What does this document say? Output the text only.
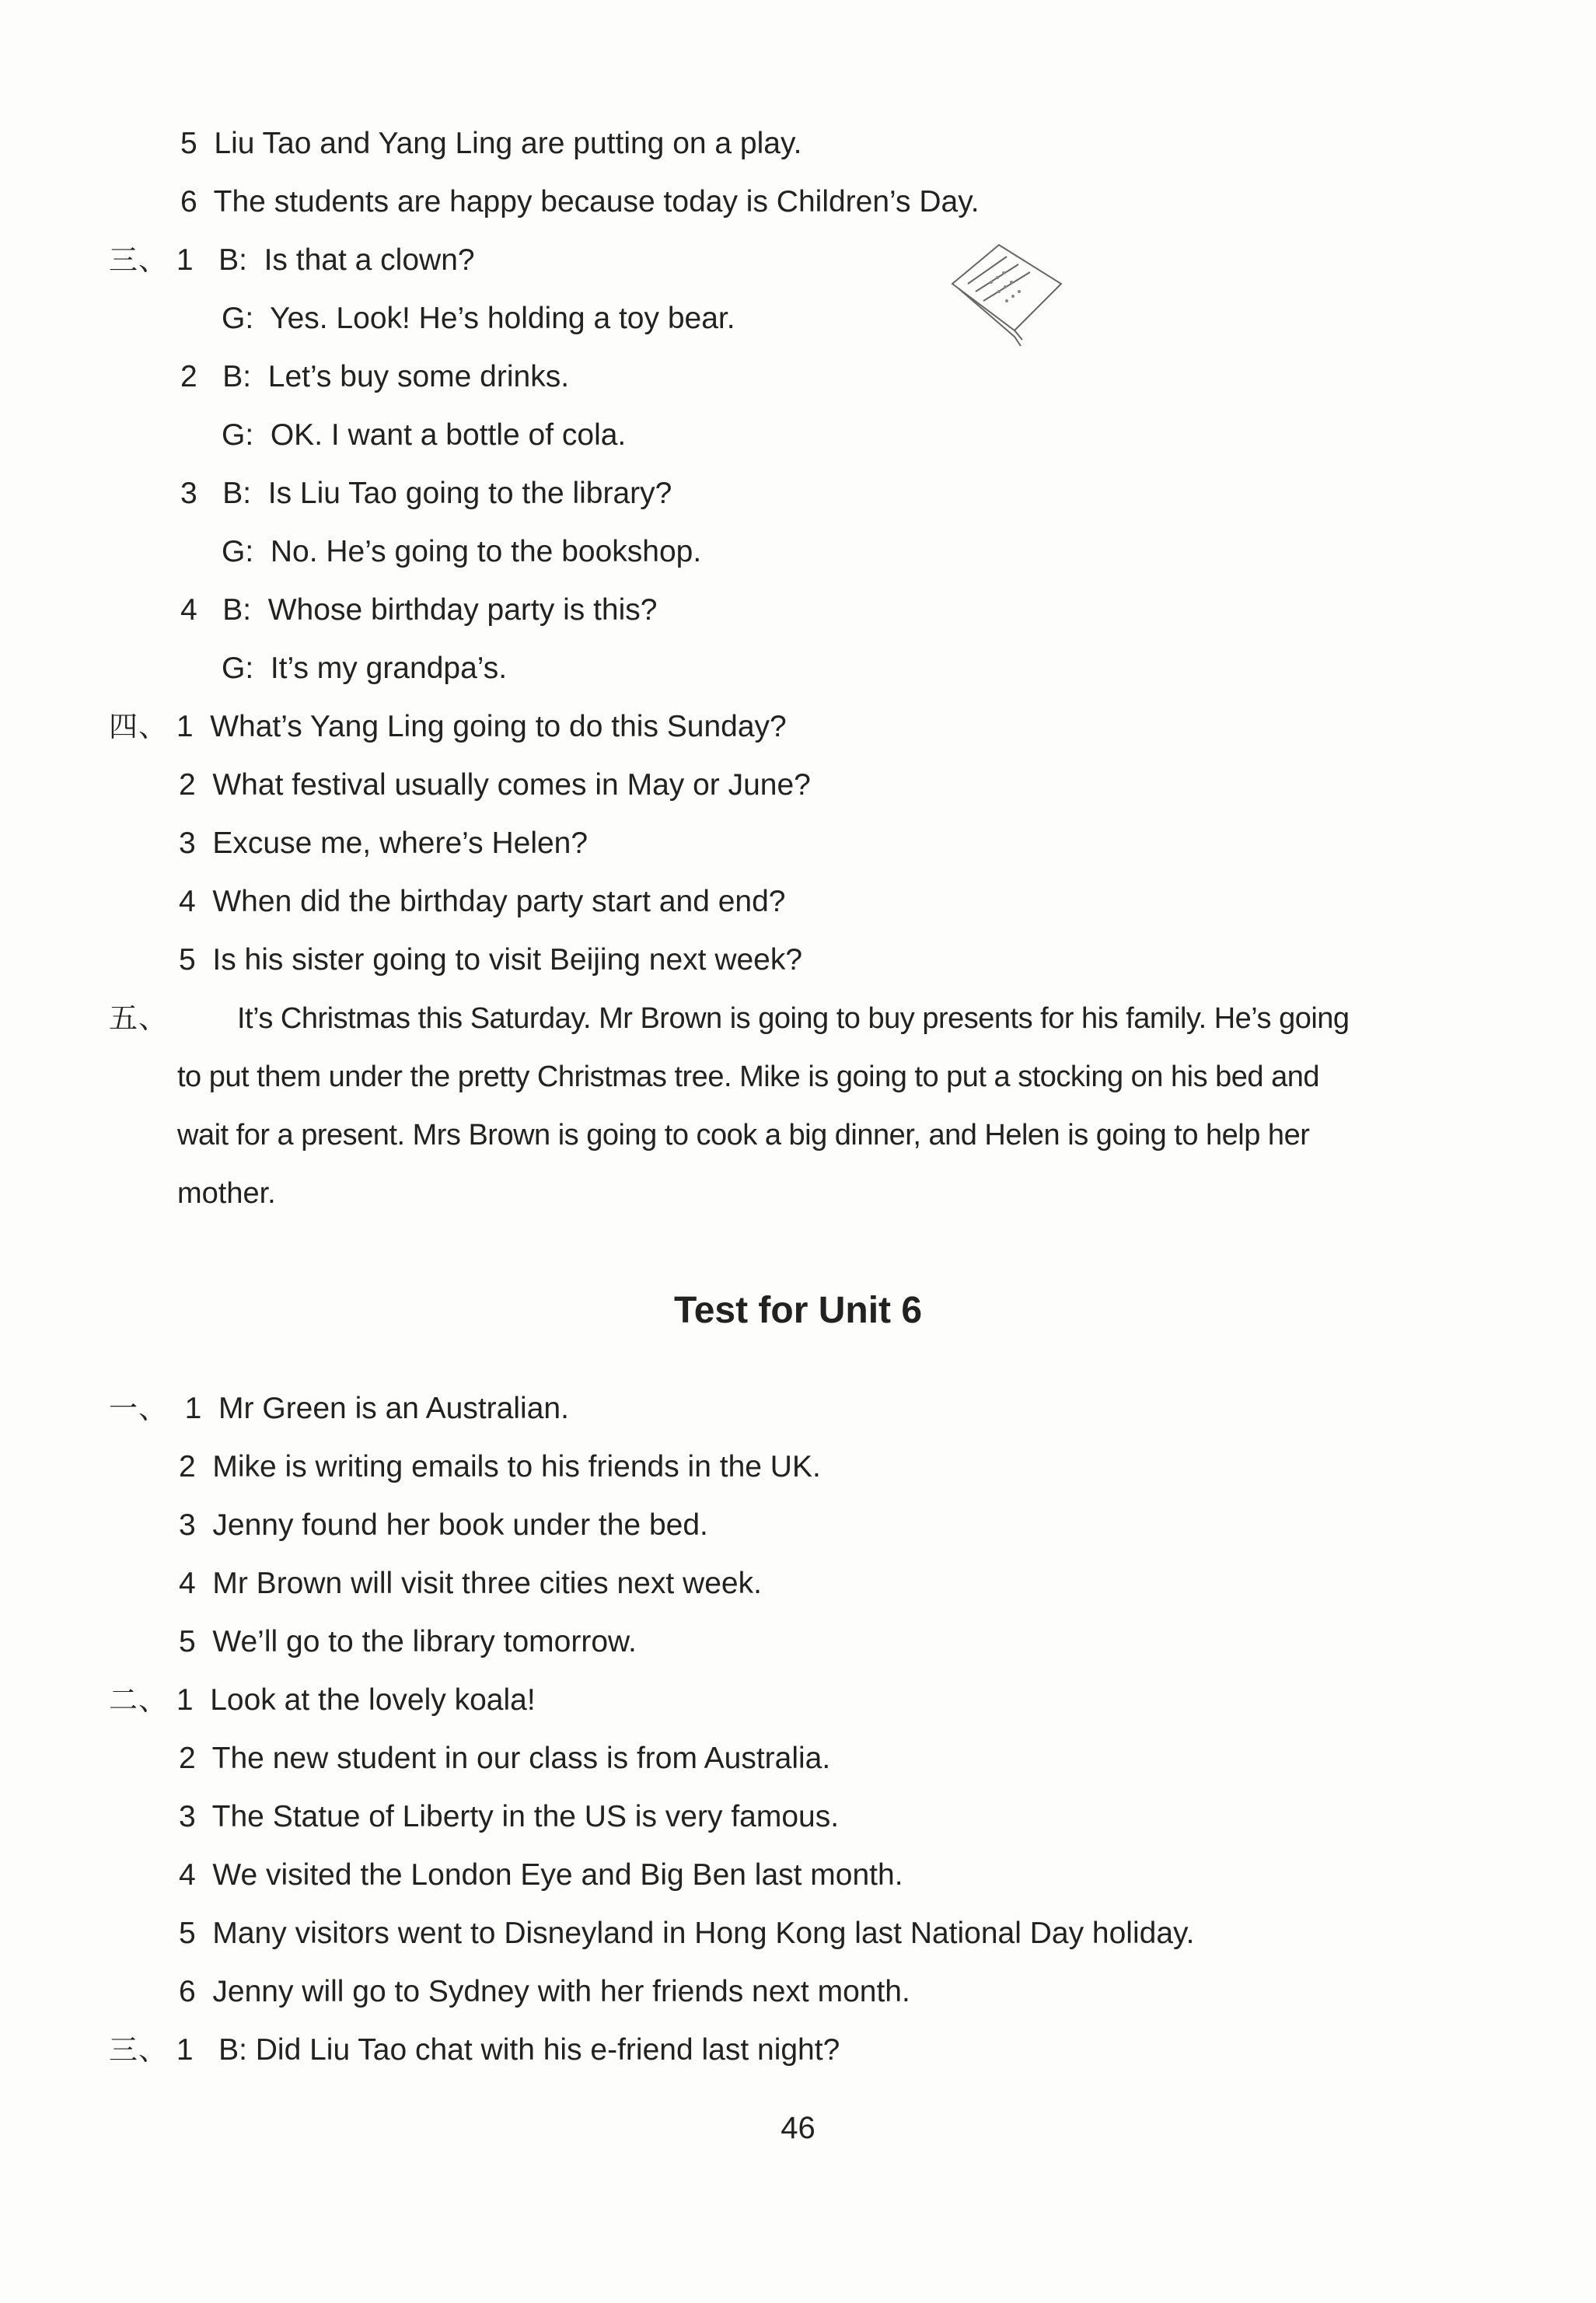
5 Liu Tao and Yang Ling are putting on a play.
6 The students are happy because today is Children’s Day.
三、 1 B: Is that a clown?
G: Yes. Look! He’s holding a toy bear.
2 B: Let’s buy some drinks.
G: OK. I want a bottle of cola.
3 B: Is Liu Tao going to the library?
G: No. He’s going to the bookshop.
4 B: Whose birthday party is this?
G: It’s my grandpa’s.
四、 1 What’s Yang Ling going to do this Sunday?
2 What festival usually comes in May or June?
3 Excuse me, where’s Helen?
4 When did the birthday party start and end?
5 Is his sister going to visit Beijing next week?
五、 It’s Christmas this Saturday. Mr Brown is going to buy presents for his family. He’s going
to put them under the pretty Christmas tree. Mike is going to put a stocking on his bed and
wait for a present. Mrs Brown is going to cook a big dinner, and Helen is going to help her
mother.
Test for Unit 6
一、 1 Mr Green is an Australian.
2 Mike is writing emails to his friends in the UK.
3 Jenny found her book under the bed.
4 Mr Brown will visit three cities next week.
5 We’ll go to the library tomorrow.
二、 1 Look at the lovely koala!
2 The new student in our class is from Australia.
3 The Statue of Liberty in the US is very famous.
4 We visited the London Eye and Big Ben last month.
5 Many visitors went to Disneyland in Hong Kong last National Day holiday.
6 Jenny will go to Sydney with her friends next month.
三、 1 B: Did Liu Tao chat with his e-friend last night?
46
